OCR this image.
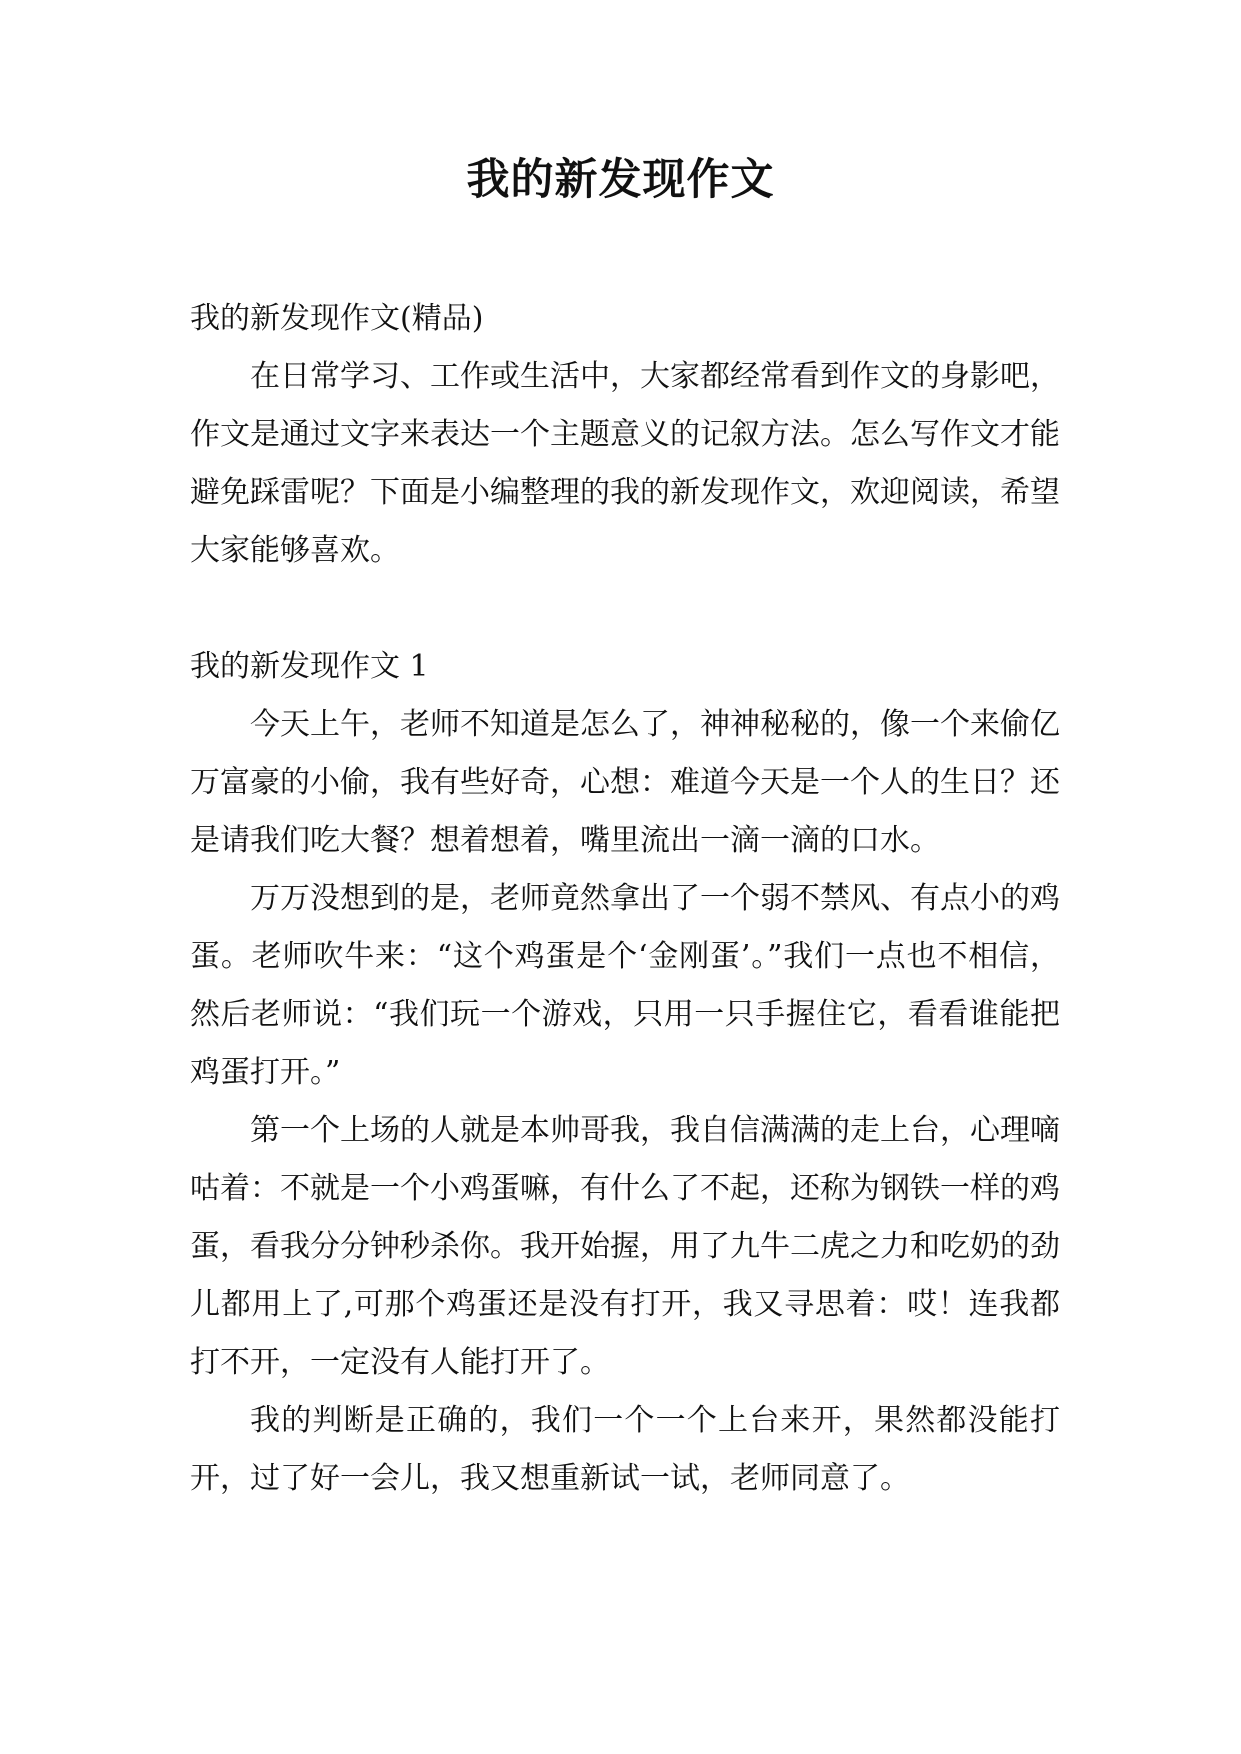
我的新发现作文

我的新发现作文(精品)

在日常学习、工作或生活中，大家都经常看到作文的身影吧，作文是通过文字来表达一个主题意义的记叙方法。怎么写作文才能避免踩雷呢？下面是小编整理的我的新发现作文，欢迎阅读，希望大家能够喜欢。

我的新发现作文 1

今天上午，老师不知道是怎么了，神神秘秘的，像一个来偷亿万富豪的小偷，我有些好奇，心想：难道今天是一个人的生日？还是请我们吃大餐？想着想着，嘴里流出一滴一滴的口水。

万万没想到的是，老师竟然拿出了一个弱不禁风、有点小的鸡蛋。老师吹牛来：“这个鸡蛋是个‘金刚蛋’。”我们一点也不相信，然后老师说：“我们玩一个游戏，只用一只手握住它，看看谁能把鸡蛋打开。”

第一个上场的人就是本帅哥我，我自信满满的走上台，心理嘀咕着：不就是一个小鸡蛋嘛，有什么了不起，还称为钢铁一样的鸡蛋，看我分分钟秒杀你。我开始握，用了九牛二虎之力和吃奶的劲儿都用上了,可那个鸡蛋还是没有打开，我又寻思着：哎！连我都打不开，一定没有人能打开了。

我的判断是正确的，我们一个一个上台来开，果然都没能打开，过了好一会儿，我又想重新试一试，老师同意了。
